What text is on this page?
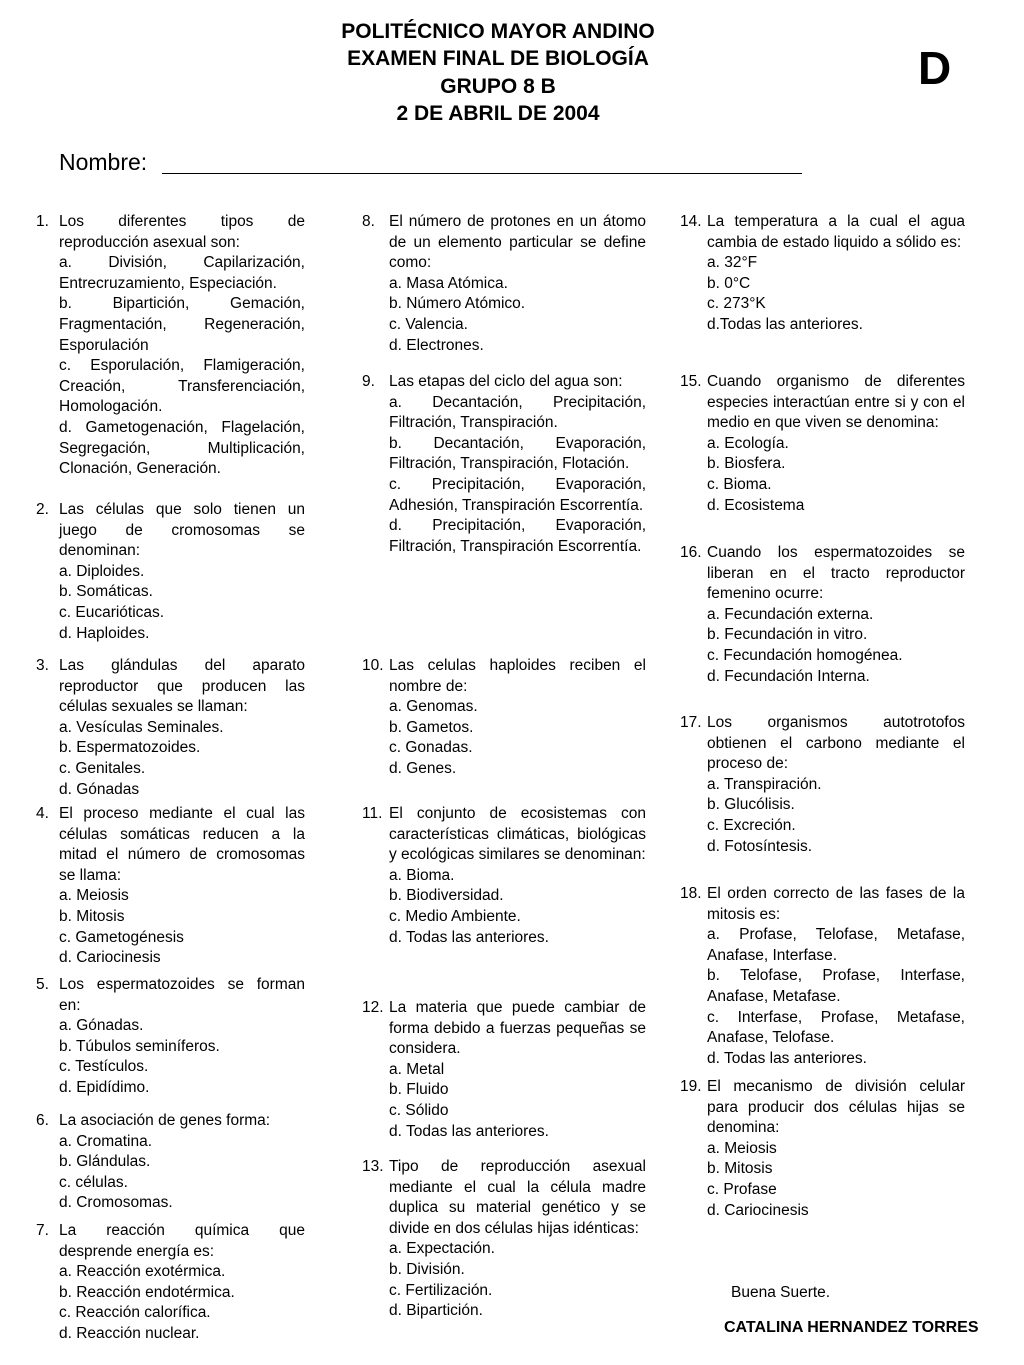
POLITÉCNICO MAYOR ANDINO
EXAMEN FINAL DE BIOLOGÍA
GRUPO 8 B
2 DE ABRIL DE 2004
D
Nombre:
1. Los diferentes tipos de reproducción asexual son:
a. División, Capilarización, Entrecruzamiento, Especiación.
b. Bipartición, Gemación, Fragmentación, Regeneración, Esporulación
c. Esporulación, Flamigeración, Creación, Transferenciación, Homologación.
d. Gametogenación, Flagelación, Segregación, Multiplicación, Clonación, Generación.
2. Las células que solo tienen un juego de cromosomas se denominan:
a. Diploides.
b. Somáticas.
c. Eucarióticas.
d. Haploides.
3. Las glándulas del aparato reproductor que producen las células sexuales se llaman:
a. Vesículas Seminales.
b. Espermatozoides.
c. Genitales.
d. Gónadas
4. El proceso mediante el cual las células somáticas reducen a la mitad el número de cromosomas se llama:
a. Meiosis
b. Mitosis
c. Gametogénesis
d. Cariocinesis
5. Los espermatozoides se forman en:
a. Gónadas.
b. Túbulos seminíferos.
c. Testículos.
d. Epidídimo.
6. La asociación de genes forma:
a. Cromatina.
b. Glándulas.
c. células.
d. Cromosomas.
7. La reacción química que desprende energía es:
a. Reacción exotérmica.
b. Reacción endotérmica.
c. Reacción calorífica.
d. Reacción nuclear.
8. El número de protones en un átomo de un elemento particular se define como:
a. Masa Atómica.
b. Número Atómico.
c. Valencia.
d. Electrones.
9. Las etapas del ciclo del agua son:
a. Decantación, Precipitación, Filtración, Transpiración.
b. Decantación, Evaporación, Filtración, Transpiración, Flotación.
c. Precipitación, Evaporación, Adhesión, Transpiración Escorrentía.
d. Precipitación, Evaporación, Filtración, Transpiración Escorrentía.
10. Las celulas haploides reciben el nombre de:
a. Genomas.
b. Gametos.
c. Gonadas.
d. Genes.
11. El conjunto de ecosistemas con características climáticas, biológicas y ecológicas similares se denominan:
a. Bioma.
b. Biodiversidad.
c. Medio Ambiente.
d. Todas las anteriores.
12. La materia que puede cambiar de forma debido a fuerzas pequeñas se considera.
a. Metal
b. Fluido
c. Sólido
d. Todas las anteriores.
13. Tipo de reproducción asexual mediante el cual la célula madre duplica su material genético y se divide en dos células hijas idénticas:
a. Expectación.
b. División.
c. Fertilización.
d. Bipartición.
14. La temperatura a la cual el agua cambia de estado liquido a sólido es:
a. 32°F
b. 0°C
c. 273°K
d.Todas las anteriores.
15. Cuando organismo de diferentes especies interactúan entre si y con el medio en que viven se denomina:
a. Ecología.
b. Biosfera.
c. Bioma.
d. Ecosistema
16. Cuando los espermatozoides se liberan en el tracto reproductor femenino ocurre:
a. Fecundación externa.
b. Fecundación in vitro.
c. Fecundación homogénea.
d. Fecundación Interna.
17. Los organismos autotrotofos obtienen el carbono mediante el proceso de:
a. Transpiración.
b. Glucólisis.
c. Excreción.
d. Fotosíntesis.
18. El orden correcto de las fases de la mitosis es:
a. Profase, Telofase, Metafase, Anafase, Interfase.
b. Telofase, Profase, Interfase, Anafase, Metafase.
c. Interfase, Profase, Metafase, Anafase, Telofase.
d. Todas las anteriores.
19. El mecanismo de división celular para producir dos células hijas se denomina:
a. Meiosis
b. Mitosis
c. Profase
d. Cariocinesis
Buena Suerte.
CATALINA HERNANDEZ TORRES
